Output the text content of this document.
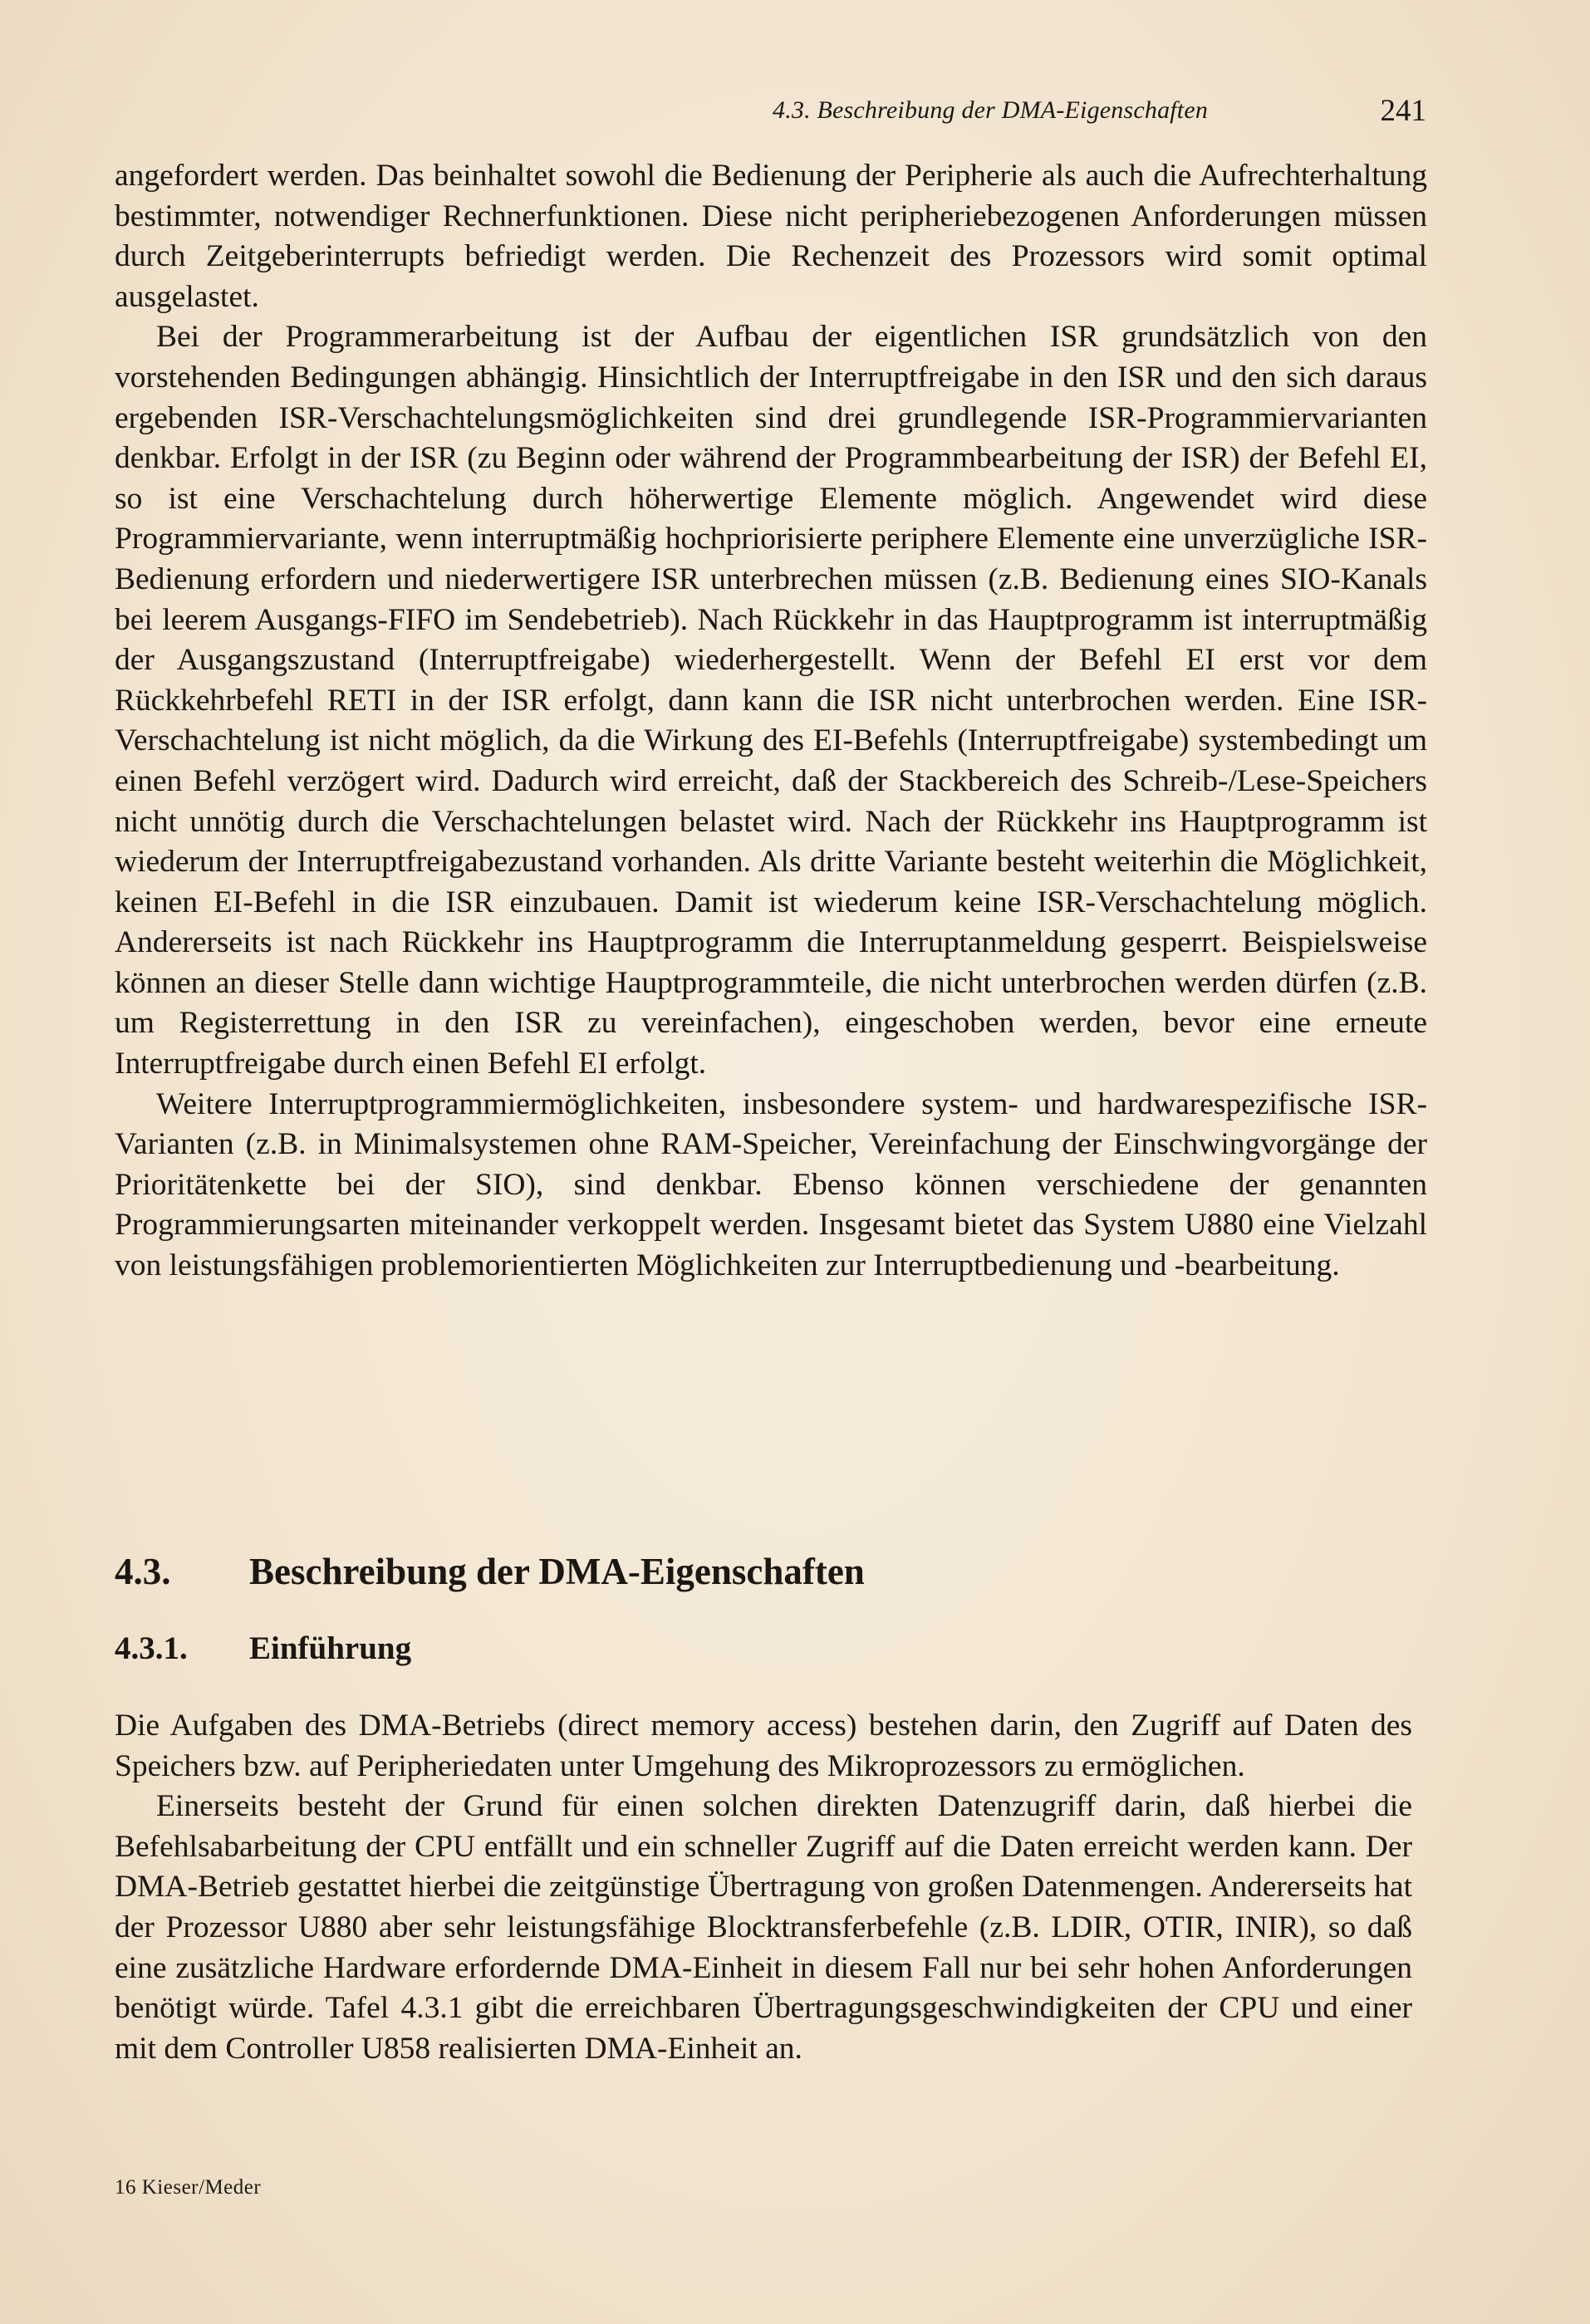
4.3. Beschreibung der DMA-Eigenschaften	241

angefordert werden. Das beinhaltet sowohl die Bedienung der Peripherie als auch die Aufrechterhaltung bestimmter, notwendiger Rechnerfunktionen. Diese nicht peripheriebezogenen Anforderungen müssen durch Zeitgeberinterrupts befriedigt werden. Die Rechenzeit des Prozessors wird somit optimal ausgelastet.

Bei der Programmerarbeitung ist der Aufbau der eigentlichen ISR grundsätzlich von den vorstehenden Bedingungen abhängig. Hinsichtlich der Interruptfreigabe in den ISR und den sich daraus ergebenden ISR-Verschachtelungsmöglichkeiten sind drei grundlegende ISR-Programmiervarianten denkbar. Erfolgt in der ISR (zu Beginn oder während der Programmbearbeitung der ISR) der Befehl EI, so ist eine Verschachtelung durch höherwertige Elemente möglich. Angewendet wird diese Programmiervariante, wenn interruptmäßig hochpriorisierte periphere Elemente eine unverzügliche ISR-Bedienung erfordern und niederwertigere ISR unterbrechen müssen (z.B. Bedienung eines SIO-Kanals bei leerem Ausgangs-FIFO im Sendebetrieb). Nach Rückkehr in das Hauptprogramm ist interruptmäßig der Ausgangszustand (Interruptfreigabe) wiederhergestellt. Wenn der Befehl EI erst vor dem Rückkehrbefehl RETI in der ISR erfolgt, dann kann die ISR nicht unterbrochen werden. Eine ISR-Verschachtelung ist nicht möglich, da die Wirkung des EI-Befehls (Interruptfreigabe) systembedingt um einen Befehl verzögert wird. Dadurch wird erreicht, daß der Stackbereich des Schreib-/Lese-Speichers nicht unnötig durch die Verschachtelungen belastet wird. Nach der Rückkehr ins Hauptprogramm ist wiederum der Interruptfreigabezustand vorhanden. Als dritte Variante besteht weiterhin die Möglichkeit, keinen EI-Befehl in die ISR einzubauen. Damit ist wiederum keine ISR-Verschachtelung möglich. Andererseits ist nach Rückkehr ins Hauptprogramm die Interruptanmeldung gesperrt. Beispielsweise können an dieser Stelle dann wichtige Hauptprogrammteile, die nicht unterbrochen werden dürfen (z.B. um Registerrettung in den ISR zu vereinfachen), eingeschoben werden, bevor eine erneute Interruptfreigabe durch einen Befehl EI erfolgt.

Weitere Interruptprogrammiermöglichkeiten, insbesondere system- und hardwarespezifische ISR-Varianten (z.B. in Minimalsystemen ohne RAM-Speicher, Vereinfachung der Einschwingvorgänge der Prioritätenkette bei der SIO), sind denkbar. Ebenso können verschiedene der genannten Programmierungsarten miteinander verkoppelt werden. Insgesamt bietet das System U880 eine Vielzahl von leistungsfähigen problemorientierten Möglichkeiten zur Interruptbedienung und -bearbeitung.

4.3. Beschreibung der DMA-Eigenschaften
4.3.1. Einführung

Die Aufgaben des DMA-Betriebs (direct memory access) bestehen darin, den Zugriff auf Daten des Speichers bzw. auf Peripheriedaten unter Umgehung des Mikroprozessors zu ermöglichen.

Einerseits besteht der Grund für einen solchen direkten Datenzugriff darin, daß hierbei die Befehlsabarbeitung der CPU entfällt und ein schneller Zugriff auf die Daten erreicht werden kann. Der DMA-Betrieb gestattet hierbei die zeitgünstige Übertragung von großen Datenmengen. Andererseits hat der Prozessor U880 aber sehr leistungsfähige Blocktransferbefehle (z.B. LDIR, OTIR, INIR), so daß eine zusätzliche Hardware erfordernde DMA-Einheit in diesem Fall nur bei sehr hohen Anforderungen benötigt würde. Tafel 4.3.1 gibt die erreichbaren Übertragungsgeschwindigkeiten der CPU und einer mit dem Controller U858 realisierten DMA-Einheit an.

16 Kieser/Meder
